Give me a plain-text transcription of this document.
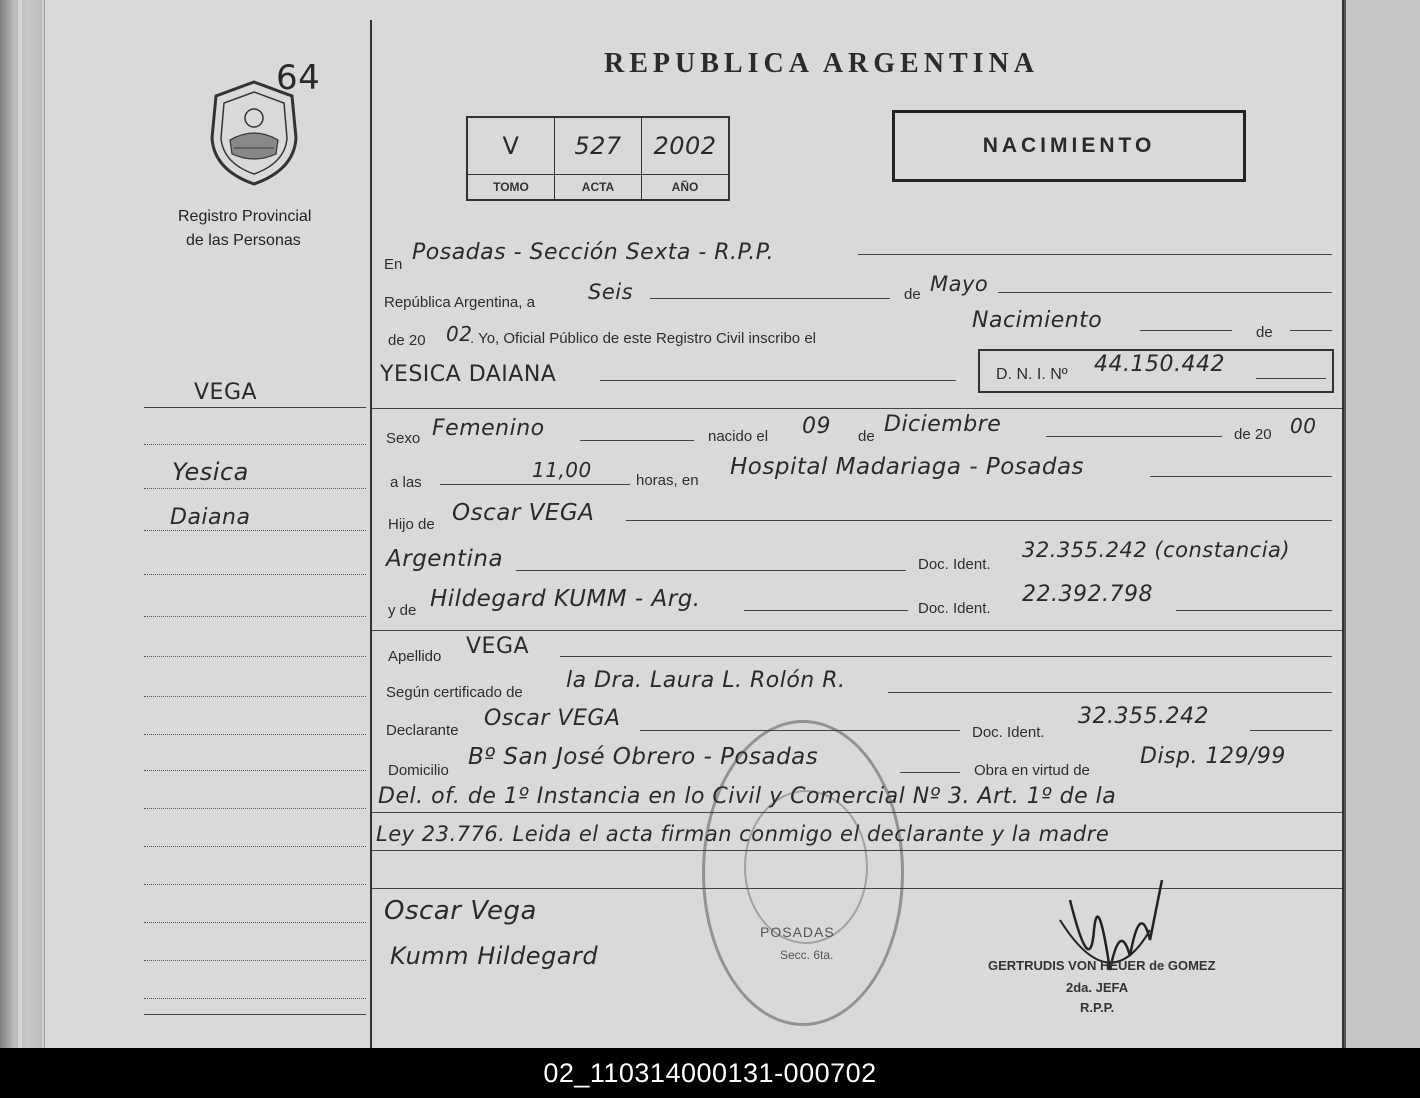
64
Registro Provincial
de las Personas
VEGA
Yesica
Daiana
REPUBLICA ARGENTINA
V	527	2002
TOMO	ACTA	AÑO
NACIMIENTO
En Posadas - Sección Sexta - R.P.P.
República Argentina, a	Seis	de Mayo
de 20 02
. Yo, Oficial Público de este Registro Civil inscribo el
Nacimiento	de
YESICA DAIANA	D. N. I. Nº 44.150.442
Sexo Femenino	nacido el 09 de Diciembre	de 20 00
a las
11,00	horas, en
Hospital Madariaga - Posadas
Hijo de Oscar VEGA
Argentina	Doc. Ident.
32.355.242 (constancia)
y de Hildegard KUMM - Arg.	Doc. Ident.
22.392.798
Apellido VEGA
Según certificado de la Dra. Laura L. Rolón R.
Declarante Oscar VEGA
Doc. Ident.
32.355.242
Domicilio
Bº San José Obrero - Posadas
Obra en virtud de
Disp. 129/99
Del. of. de 1º Instancia en lo Civil y Comercial Nº 3. Art. 1º de la
Ley 23.776. Leida el acta firman conmigo el declarante y la madre
POSADAS
Secc. 6ta.
Oscar Vega
Kumm Hildegard	GERTRUDIS VON HEUER de GOMEZ
2da. JEFA
R.P.P.
02_110314000131-000702
